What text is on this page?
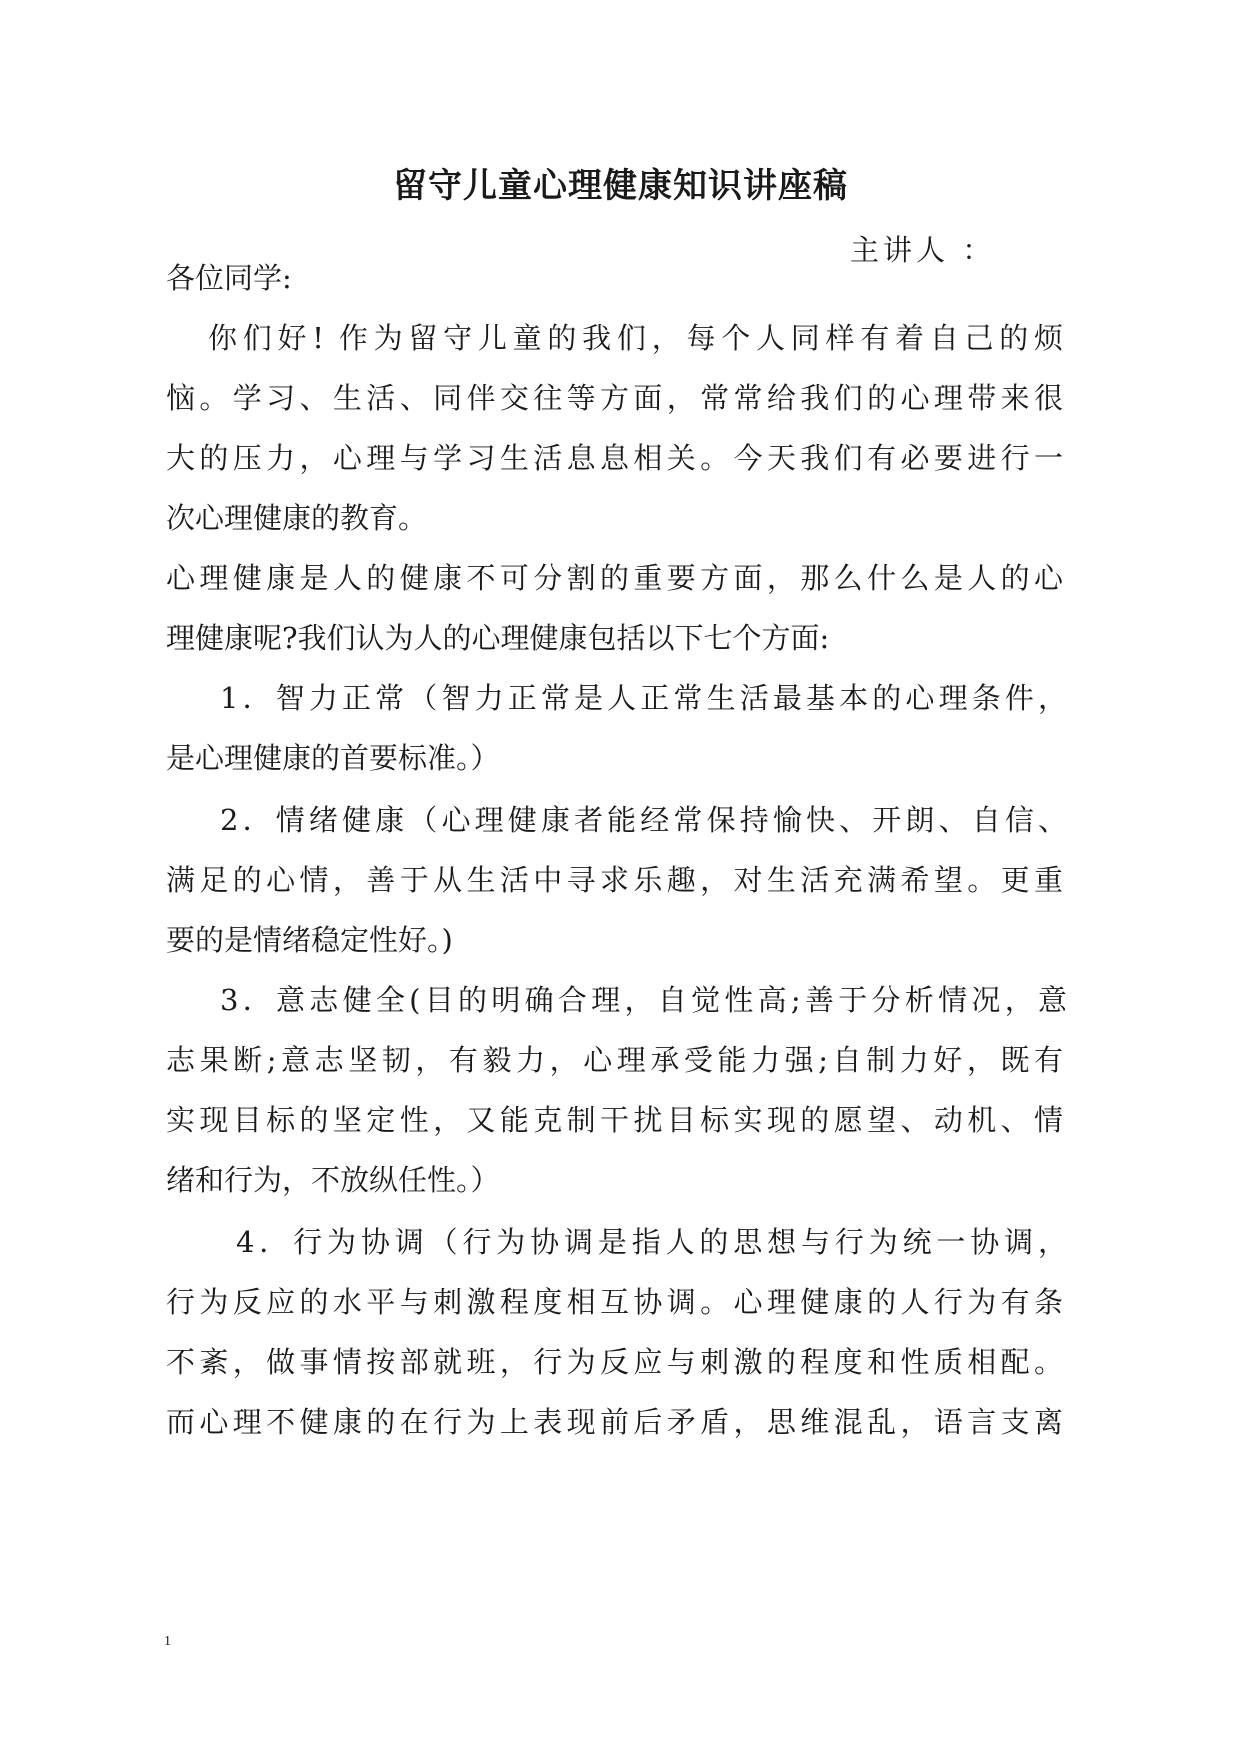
留守儿童心理健康知识讲座稿
主讲人 ：
各位同学:
你们好! 作为留守儿童的我们，每个人同样有着自己的烦
恼。学习、生活、同伴交往等方面，常常给我们的心理带来很
大的压力，心理与学习生活息息相关。今天我们有必要进行一
次心理健康的教育。
心理健康是人的健康不可分割的重要方面，那么什么是人的心
理健康呢?我们认为人的心理健康包括以下七个方面:
1．智力正常（智力正常是人正常生活最基本的心理条件，
是心理健康的首要标准。）
2．情绪健康（心理健康者能经常保持愉快、开朗、自信、
满足的心情，善于从生活中寻求乐趣，对生活充满希望。更重
要的是情绪稳定性好。)
3．意志健全(目的明确合理，自觉性高;善于分析情况，意
志果断;意志坚韧，有毅力，心理承受能力强;自制力好，既有
实现目标的坚定性，又能克制干扰目标实现的愿望、动机、情
绪和行为，不放纵任性。）
4．行为协调（行为协调是指人的思想与行为统一协调，
行为反应的水平与刺激程度相互协调。心理健康的人行为有条
不紊，做事情按部就班，行为反应与刺激的程度和性质相配。
而心理不健康的在行为上表现前后矛盾，思维混乱，语言支离
1
